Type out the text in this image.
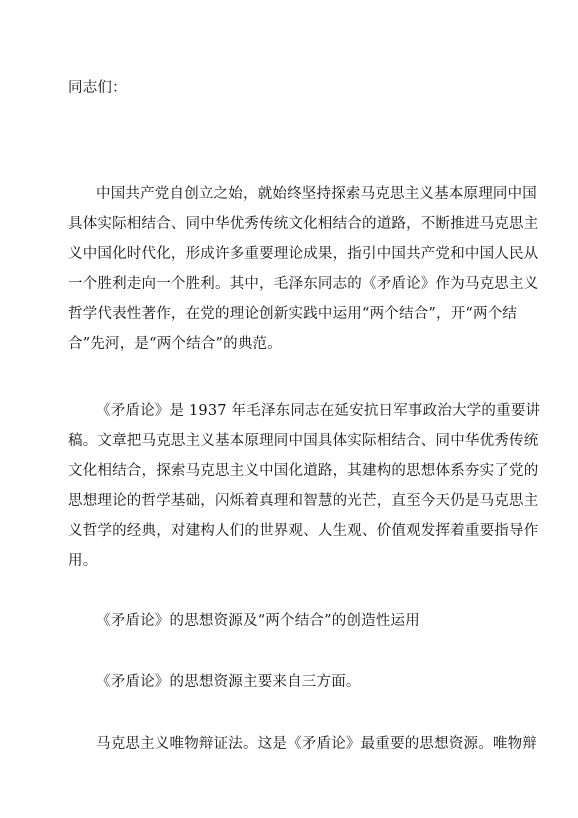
同志们：
中国共产党自创立之始，就始终坚持探索马克思主义基本原理同中国
具体实际相结合、同中华优秀传统文化相结合的道路，不断推进马克思主
义中国化时代化，形成许多重要理论成果，指引中国共产党和中国人民从
一个胜利走向一个胜利。其中，毛泽东同志的《矛盾论》作为马克思主义
哲学代表性著作，在党的理论创新实践中运用“两个结合”，开“两个结
合”先河，是“两个结合”的典范。
《矛盾论》是 1937 年毛泽东同志在延安抗日军事政治大学的重要讲
稿。文章把马克思主义基本原理同中国具体实际相结合、同中华优秀传统
文化相结合，探索马克思主义中国化道路，其建构的思想体系夯实了党的
思想理论的哲学基础，闪烁着真理和智慧的光芒，直至今天仍是马克思主
义哲学的经典，对建构人们的世界观、人生观、价值观发挥着重要指导作
用。
《矛盾论》的思想资源及“两个结合”的创造性运用
《矛盾论》的思想资源主要来自三方面。
马克思主义唯物辩证法。这是《矛盾论》最重要的思想资源。唯物辩
